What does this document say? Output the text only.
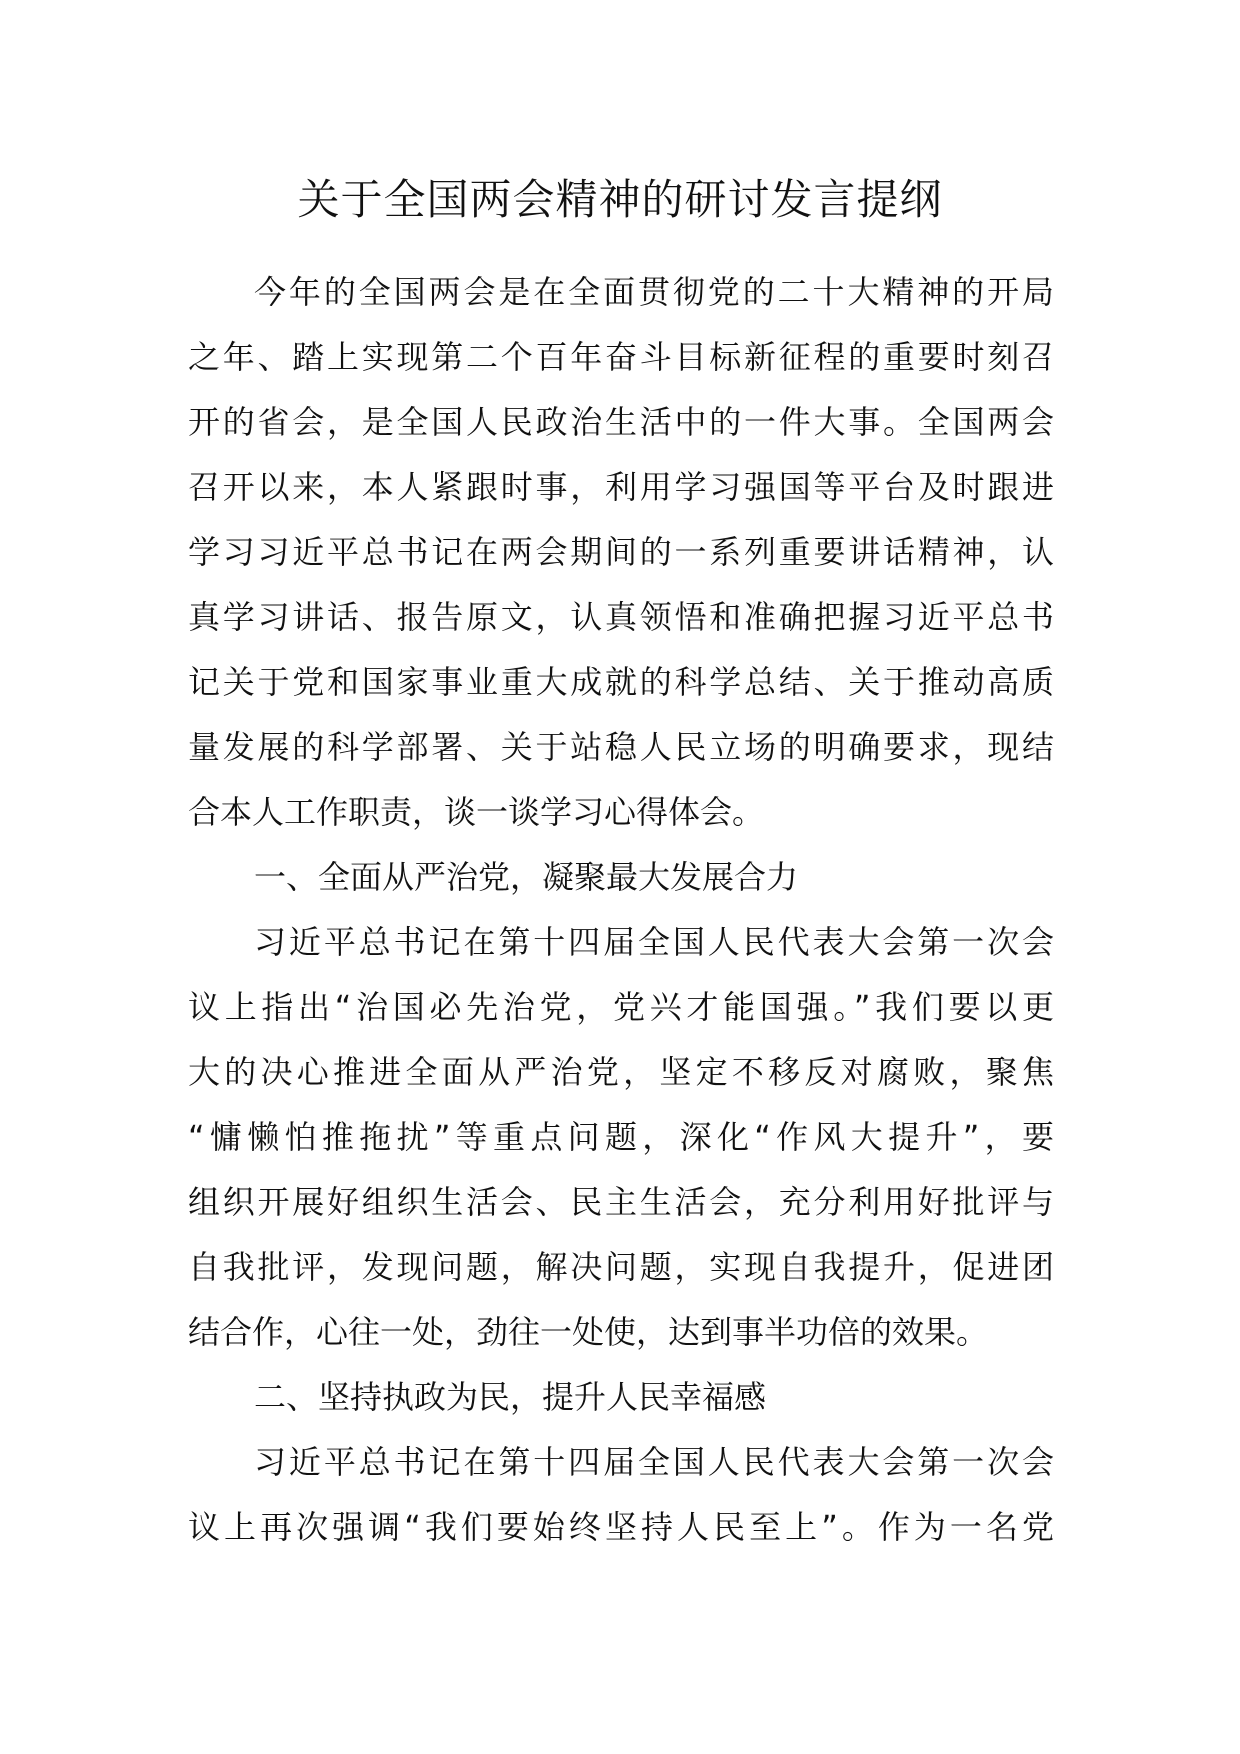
关于全国两会精神的研讨发言提纲
今年的全国两会是在全面贯彻党的二十大精神的开局
之年、踏上实现第二个百年奋斗目标新征程的重要时刻召
开的省会，是全国人民政治生活中的一件大事。全国两会
召开以来，本人紧跟时事，利用学习强国等平台及时跟进
学习习近平总书记在两会期间的一系列重要讲话精神，认
真学习讲话、报告原文，认真领悟和准确把握习近平总书
记关于党和国家事业重大成就的科学总结、关于推动高质
量发展的科学部署、关于站稳人民立场的明确要求，现结
合本人工作职责，谈一谈学习心得体会。
一、全面从严治党，凝聚最大发展合力
习近平总书记在第十四届全国人民代表大会第一次会
议上指出“治国必先治党，党兴才能国强。”我们要以更
大的决心推进全面从严治党，坚定不移反对腐败，聚焦
“慵懒怕推拖扰”等重点问题，深化“作风大提升”，要
组织开展好组织生活会、民主生活会，充分利用好批评与
自我批评，发现问题，解决问题，实现自我提升，促进团
结合作，心往一处，劲往一处使，达到事半功倍的效果。
二、坚持执政为民，提升人民幸福感
习近平总书记在第十四届全国人民代表大会第一次会
议上再次强调“我们要始终坚持人民至上”。作为一名党
